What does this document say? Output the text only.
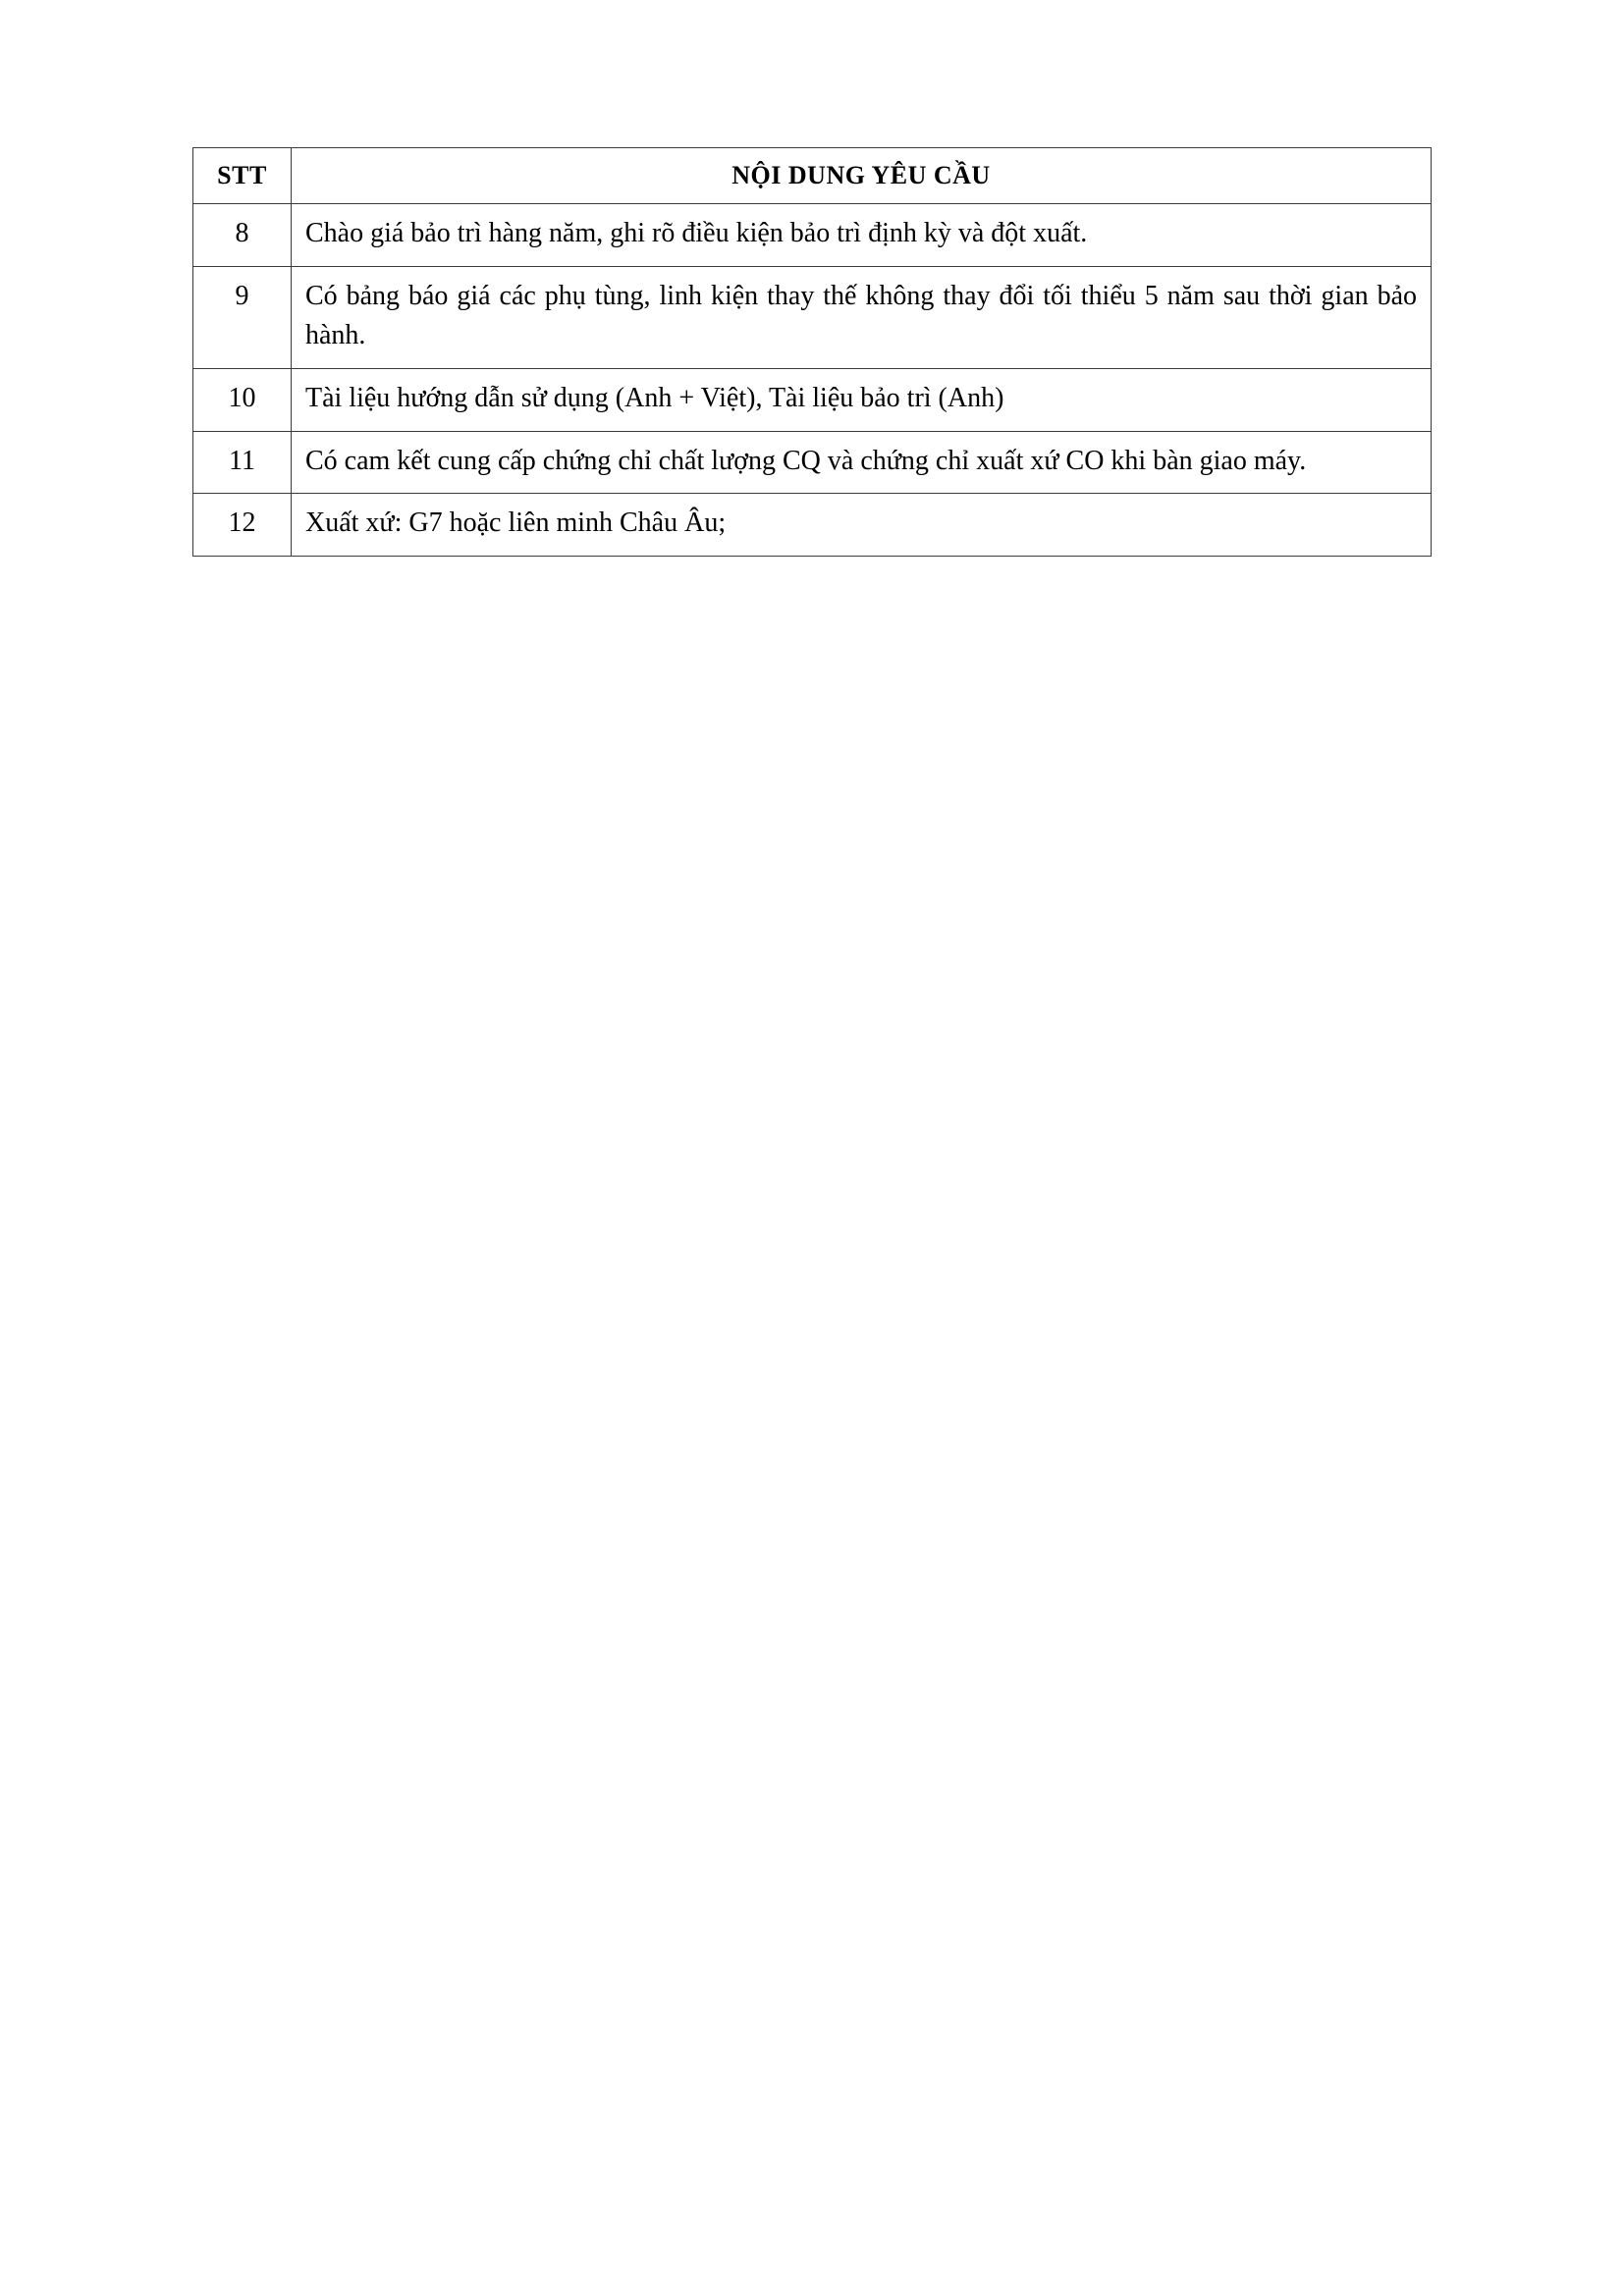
STT	NỘI DUNG YÊU CẦU
8	Chào giá bảo trì hàng năm, ghi rõ điều kiện bảo trì định kỳ và đột xuất.
9	Có bảng báo giá các phụ tùng, linh kiện thay thế không thay đổi tối thiểu 5 năm sau thời gian bảo hành.
10	Tài liệu hướng dẫn sử dụng (Anh + Việt), Tài liệu bảo trì (Anh)
11	Có cam kết cung cấp chứng chỉ chất lượng CQ và chứng chỉ xuất xứ CO khi bàn giao máy.
12	Xuất xứ: G7 hoặc liên minh Châu Âu;
